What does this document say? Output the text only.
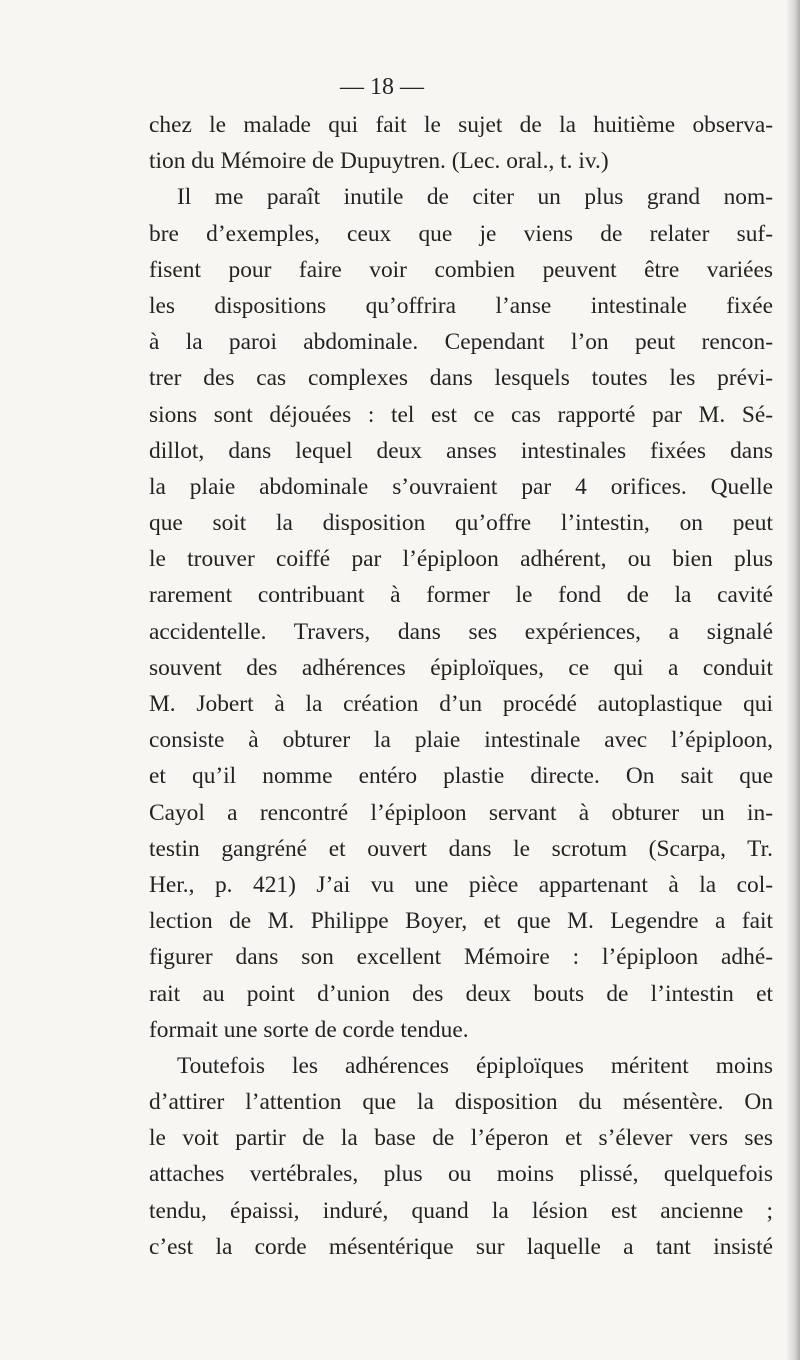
— 18 —
chez le malade qui fait le sujet de la huitième observa-
tion du Mémoire de Dupuytren. (Lec. oral., t. iv.)
Il me paraît inutile de citer un plus grand nom-
bre d’exemples, ceux que je viens de relater suf-
fisent pour faire voir combien peuvent être variées
les dispositions qu’offrira l’anse intestinale fixée
à la paroi abdominale. Cependant l’on peut rencon-
trer des cas complexes dans lesquels toutes les prévi-
sions sont déjouées : tel est ce cas rapporté par M. Sé-
dillot, dans lequel deux anses intestinales fixées dans
la plaie abdominale s’ouvraient par 4 orifices. Quelle
que soit la disposition qu’offre l’intestin, on peut
le trouver coiffé par l’épiploon adhérent, ou bien plus
rarement contribuant à former le fond de la cavité
accidentelle. Travers, dans ses expériences, a signalé
souvent des adhérences épiploïques, ce qui a conduit
M. Jobert à la création d’un procédé autoplastique qui
consiste à obturer la plaie intestinale avec l’épiploon,
et qu’il nomme entéro plastie directe. On sait que
Cayol a rencontré l’épiploon servant à obturer un in-
testin gangréné et ouvert dans le scrotum (Scarpa, Tr.
Her., p. 421) J’ai vu une pièce appartenant à la col-
lection de M. Philippe Boyer, et que M. Legendre a fait
figurer dans son excellent Mémoire : l’épiploon adhé-
rait au point d’union des deux bouts de l’intestin et
formait une sorte de corde tendue.
Toutefois les adhérences épiploïques méritent moins
d’attirer l’attention que la disposition du mésentère. On
le voit partir de la base de l’éperon et s’élever vers ses
attaches vertébrales, plus ou moins plissé, quelquefois
tendu, épaissi, induré, quand la lésion est ancienne ;
c’est la corde mésentérique sur laquelle a tant insisté
